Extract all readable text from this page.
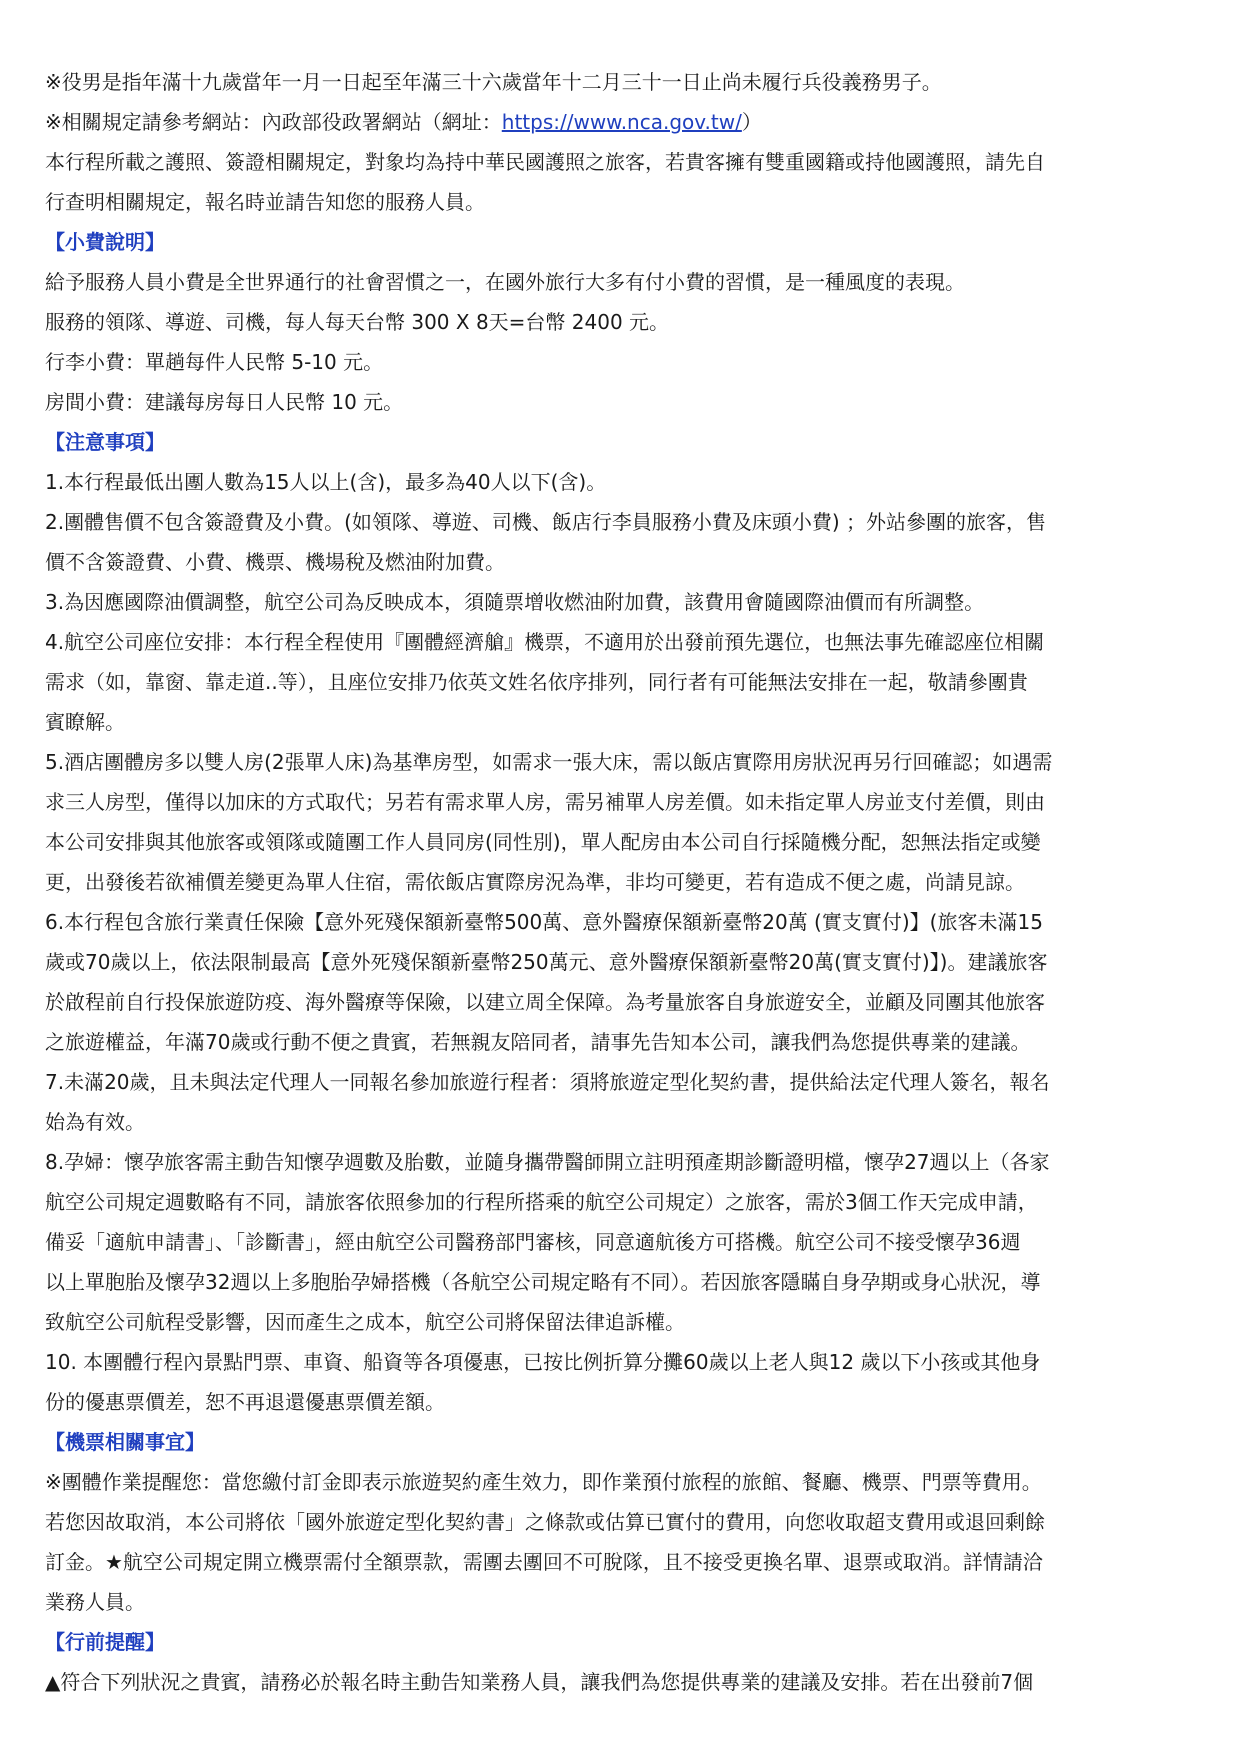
※役男是指年滿十九歲當年一月一日起至年滿三十六歲當年十二月三十一日止尚未履行兵役義務男子。
※相關規定請參考網站：內政部役政署網站（網址：https://www.nca.gov.tw/）
本行程所載之護照、簽證相關規定，對象均為持中華民國護照之旅客，若貴客擁有雙重國籍或持他國護照，請先自
行查明相關規定，報名時並請告知您的服務人員。
【小費說明】
給予服務人員小費是全世界通行的社會習慣之一，在國外旅行大多有付小費的習慣，是一種風度的表現。
服務的領隊、導遊、司機，每人每天台幣 300 X 8天=台幣 2400 元。
行李小費：單趟每件人民幣 5-10 元。
房間小費：建議每房每日人民幣 10 元。
【注意事項】
1.本行程最低出團人數為15人以上(含)，最多為40人以下(含)。
2.團體售價不包含簽證費及小費。(如領隊、導遊、司機、飯店行李員服務小費及床頭小費) ；外站參團的旅客，售
價不含簽證費、小費、機票、機場稅及燃油附加費。
3.為因應國際油價調整，航空公司為反映成本，須隨票增收燃油附加費，該費用會隨國際油價而有所調整。
4.航空公司座位安排：本行程全程使用『團體經濟艙』機票，不適用於出發前預先選位，也無法事先確認座位相關
需求（如，靠窗、靠走道..等），且座位安排乃依英文姓名依序排列，同行者有可能無法安排在一起，敬請參團貴
賓瞭解。
5.酒店團體房多以雙人房(2張單人床)為基準房型，如需求一張大床，需以飯店實際用房狀況再另行回確認；如遇需
求三人房型，僅得以加床的方式取代；另若有需求單人房，需另補單人房差價。如未指定單人房並支付差價，則由
本公司安排與其他旅客或領隊或隨團工作人員同房(同性別)，單人配房由本公司自行採隨機分配，恕無法指定或變
更，出發後若欲補價差變更為單人住宿，需依飯店實際房況為準，非均可變更，若有造成不便之處，尚請見諒。
6.本行程包含旅行業責任保險【意外死殘保額新臺幣500萬、意外醫療保額新臺幣20萬 (實支實付)】(旅客未滿15
歲或70歲以上，依法限制最高【意外死殘保額新臺幣250萬元、意外醫療保額新臺幣20萬(實支實付)】)。建議旅客
於啟程前自行投保旅遊防疫、海外醫療等保險，以建立周全保障。為考量旅客自身旅遊安全，並顧及同團其他旅客
之旅遊權益，年滿70歲或行動不便之貴賓，若無親友陪同者，請事先告知本公司，讓我們為您提供專業的建議。
7.未滿20歲，且未與法定代理人一同報名參加旅遊行程者：須將旅遊定型化契約書，提供給法定代理人簽名，報名
始為有效。
8.孕婦：懷孕旅客需主動告知懷孕週數及胎數，並隨身攜帶醫師開立註明預產期診斷證明檔，懷孕27週以上（各家
航空公司規定週數略有不同，請旅客依照參加的行程所搭乘的航空公司規定）之旅客，需於3個工作天完成申請，
備妥「適航申請書」、「診斷書」，經由航空公司醫務部門審核，同意適航後方可搭機。航空公司不接受懷孕36週
以上單胞胎及懷孕32週以上多胞胎孕婦搭機（各航空公司規定略有不同）。若因旅客隱瞞自身孕期或身心狀況，導
致航空公司航程受影響，因而產生之成本，航空公司將保留法律追訴權。
10. 本團體行程內景點門票、車資、船資等各項優惠，已按比例折算分攤60歲以上老人與12 歲以下小孩或其他身
份的優惠票價差，恕不再退還優惠票價差額。
【機票相關事宜】
※團體作業提醒您：當您繳付訂金即表示旅遊契約產生效力，即作業預付旅程的旅館、餐廳、機票、門票等費用。
若您因故取消，本公司將依「國外旅遊定型化契約書」之條款或估算已實付的費用，向您收取超支費用或退回剩餘
訂金。★航空公司規定開立機票需付全額票款，需團去團回不可脫隊，且不接受更換名單、退票或取消。詳情請洽
業務人員。
【行前提醒】
▲符合下列狀況之貴賓，請務必於報名時主動告知業務人員，讓我們為您提供專業的建議及安排。若在出發前7個
